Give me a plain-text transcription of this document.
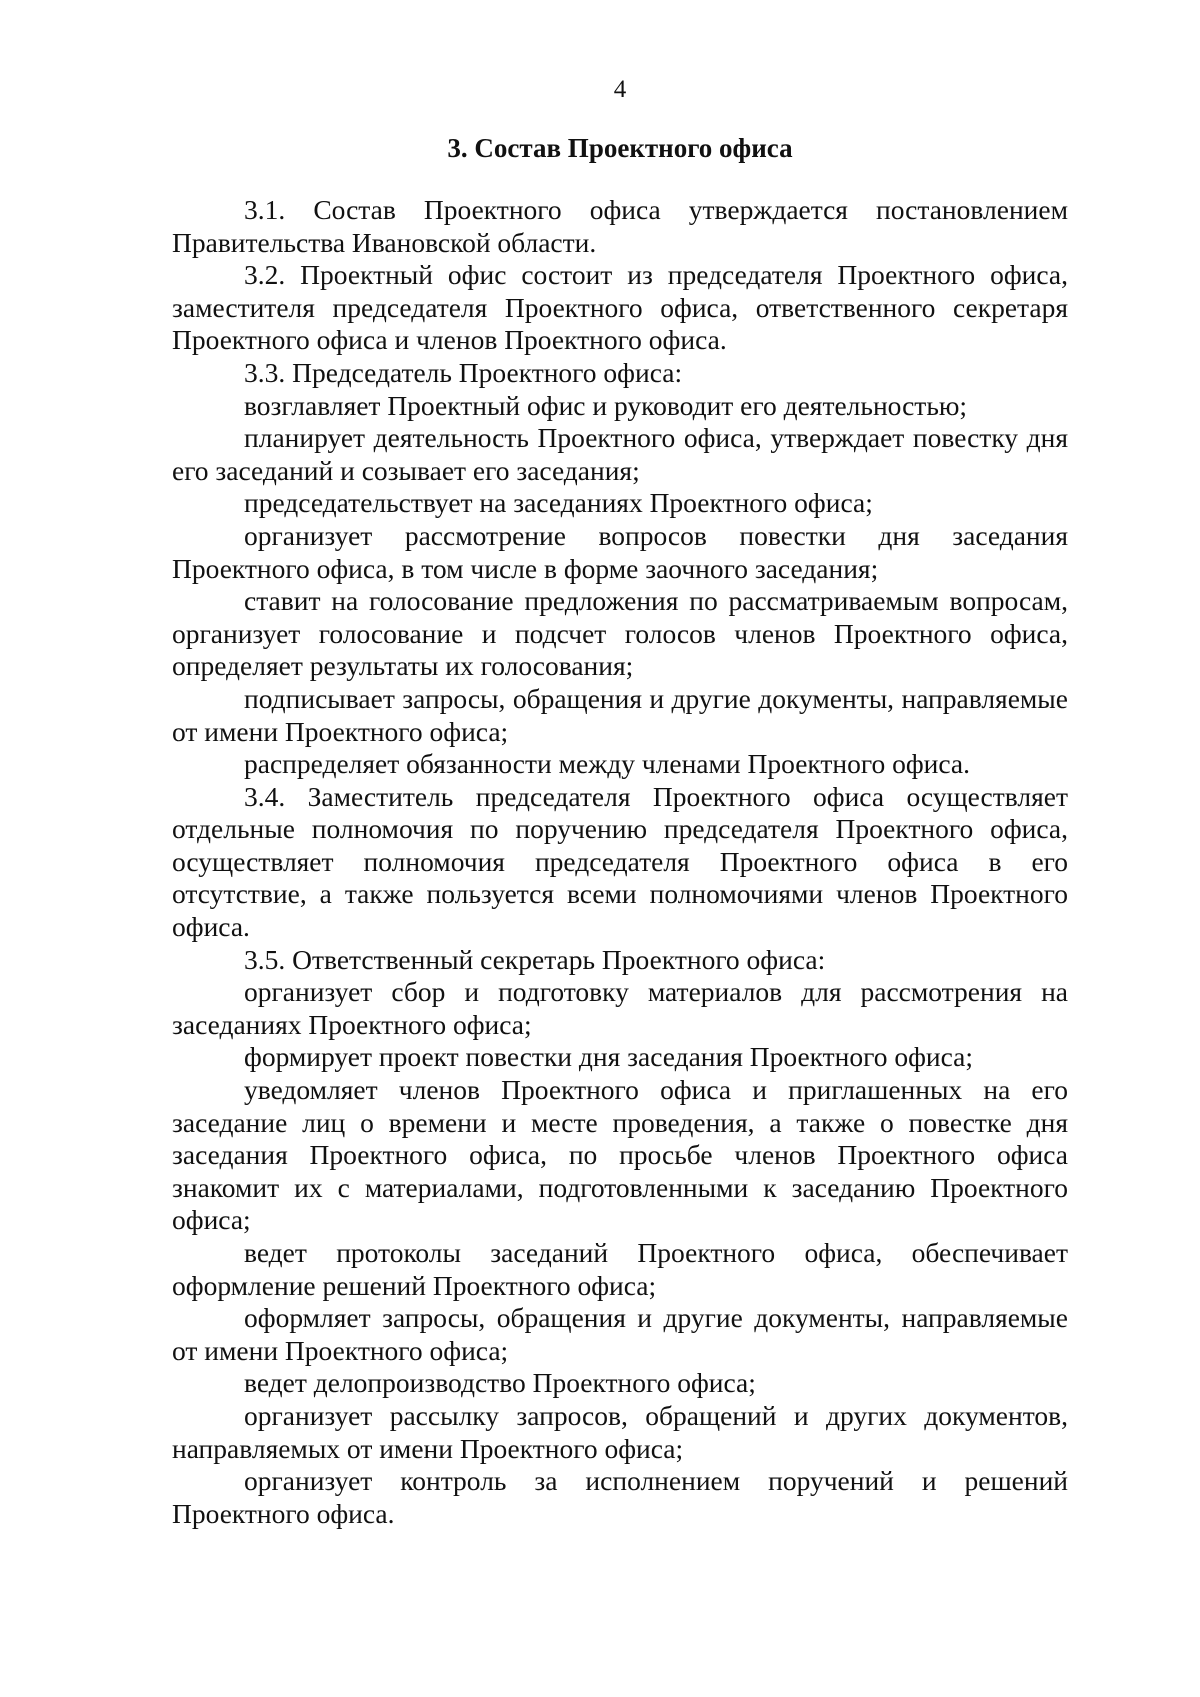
4
3. Состав Проектного офиса

3.1. Состав Проектного офиса утверждается постановлением Правительства Ивановской области.

3.2. Проектный офис состоит из председателя Проектного офиса, заместителя председателя Проектного офиса, ответственного секретаря Проектного офиса и членов Проектного офиса.

3.3. Председатель Проектного офиса:

возглавляет Проектный офис и руководит его деятельностью;

планирует деятельность Проектного офиса, утверждает повестку дня его заседаний и созывает его заседания;

председательствует на заседаниях Проектного офиса;

организует рассмотрение вопросов повестки дня заседания Проектного офиса, в том числе в форме заочного заседания;

ставит на голосование предложения по рассматриваемым вопросам, организует голосование и подсчет голосов членов Проектного офиса, определяет результаты их голосования;

подписывает запросы, обращения и другие документы, направляемые от имени Проектного офиса;

распределяет обязанности между членами Проектного офиса.

3.4. Заместитель председателя Проектного офиса осуществляет отдельные полномочия по поручению председателя Проектного офиса, осуществляет полномочия председателя Проектного офиса в его отсутствие, а также пользуется всеми полномочиями членов Проектного офиса.

3.5. Ответственный секретарь Проектного офиса:

организует сбор и подготовку материалов для рассмотрения на заседаниях Проектного офиса;

формирует проект повестки дня заседания Проектного офиса;

уведомляет членов Проектного офиса и приглашенных на его заседание лиц о времени и месте проведения, а также о повестке дня заседания Проектного офиса, по просьбе членов Проектного офиса знакомит их с материалами, подготовленными к заседанию Проектного офиса;

ведет протоколы заседаний Проектного офиса, обеспечивает оформление решений Проектного офиса;

оформляет запросы, обращения и другие документы, направляемые от имени Проектного офиса;

ведет делопроизводство Проектного офиса;

организует рассылку запросов, обращений и других документов, направляемых от имени Проектного офиса;

организует контроль за исполнением поручений и решений Проектного офиса.
